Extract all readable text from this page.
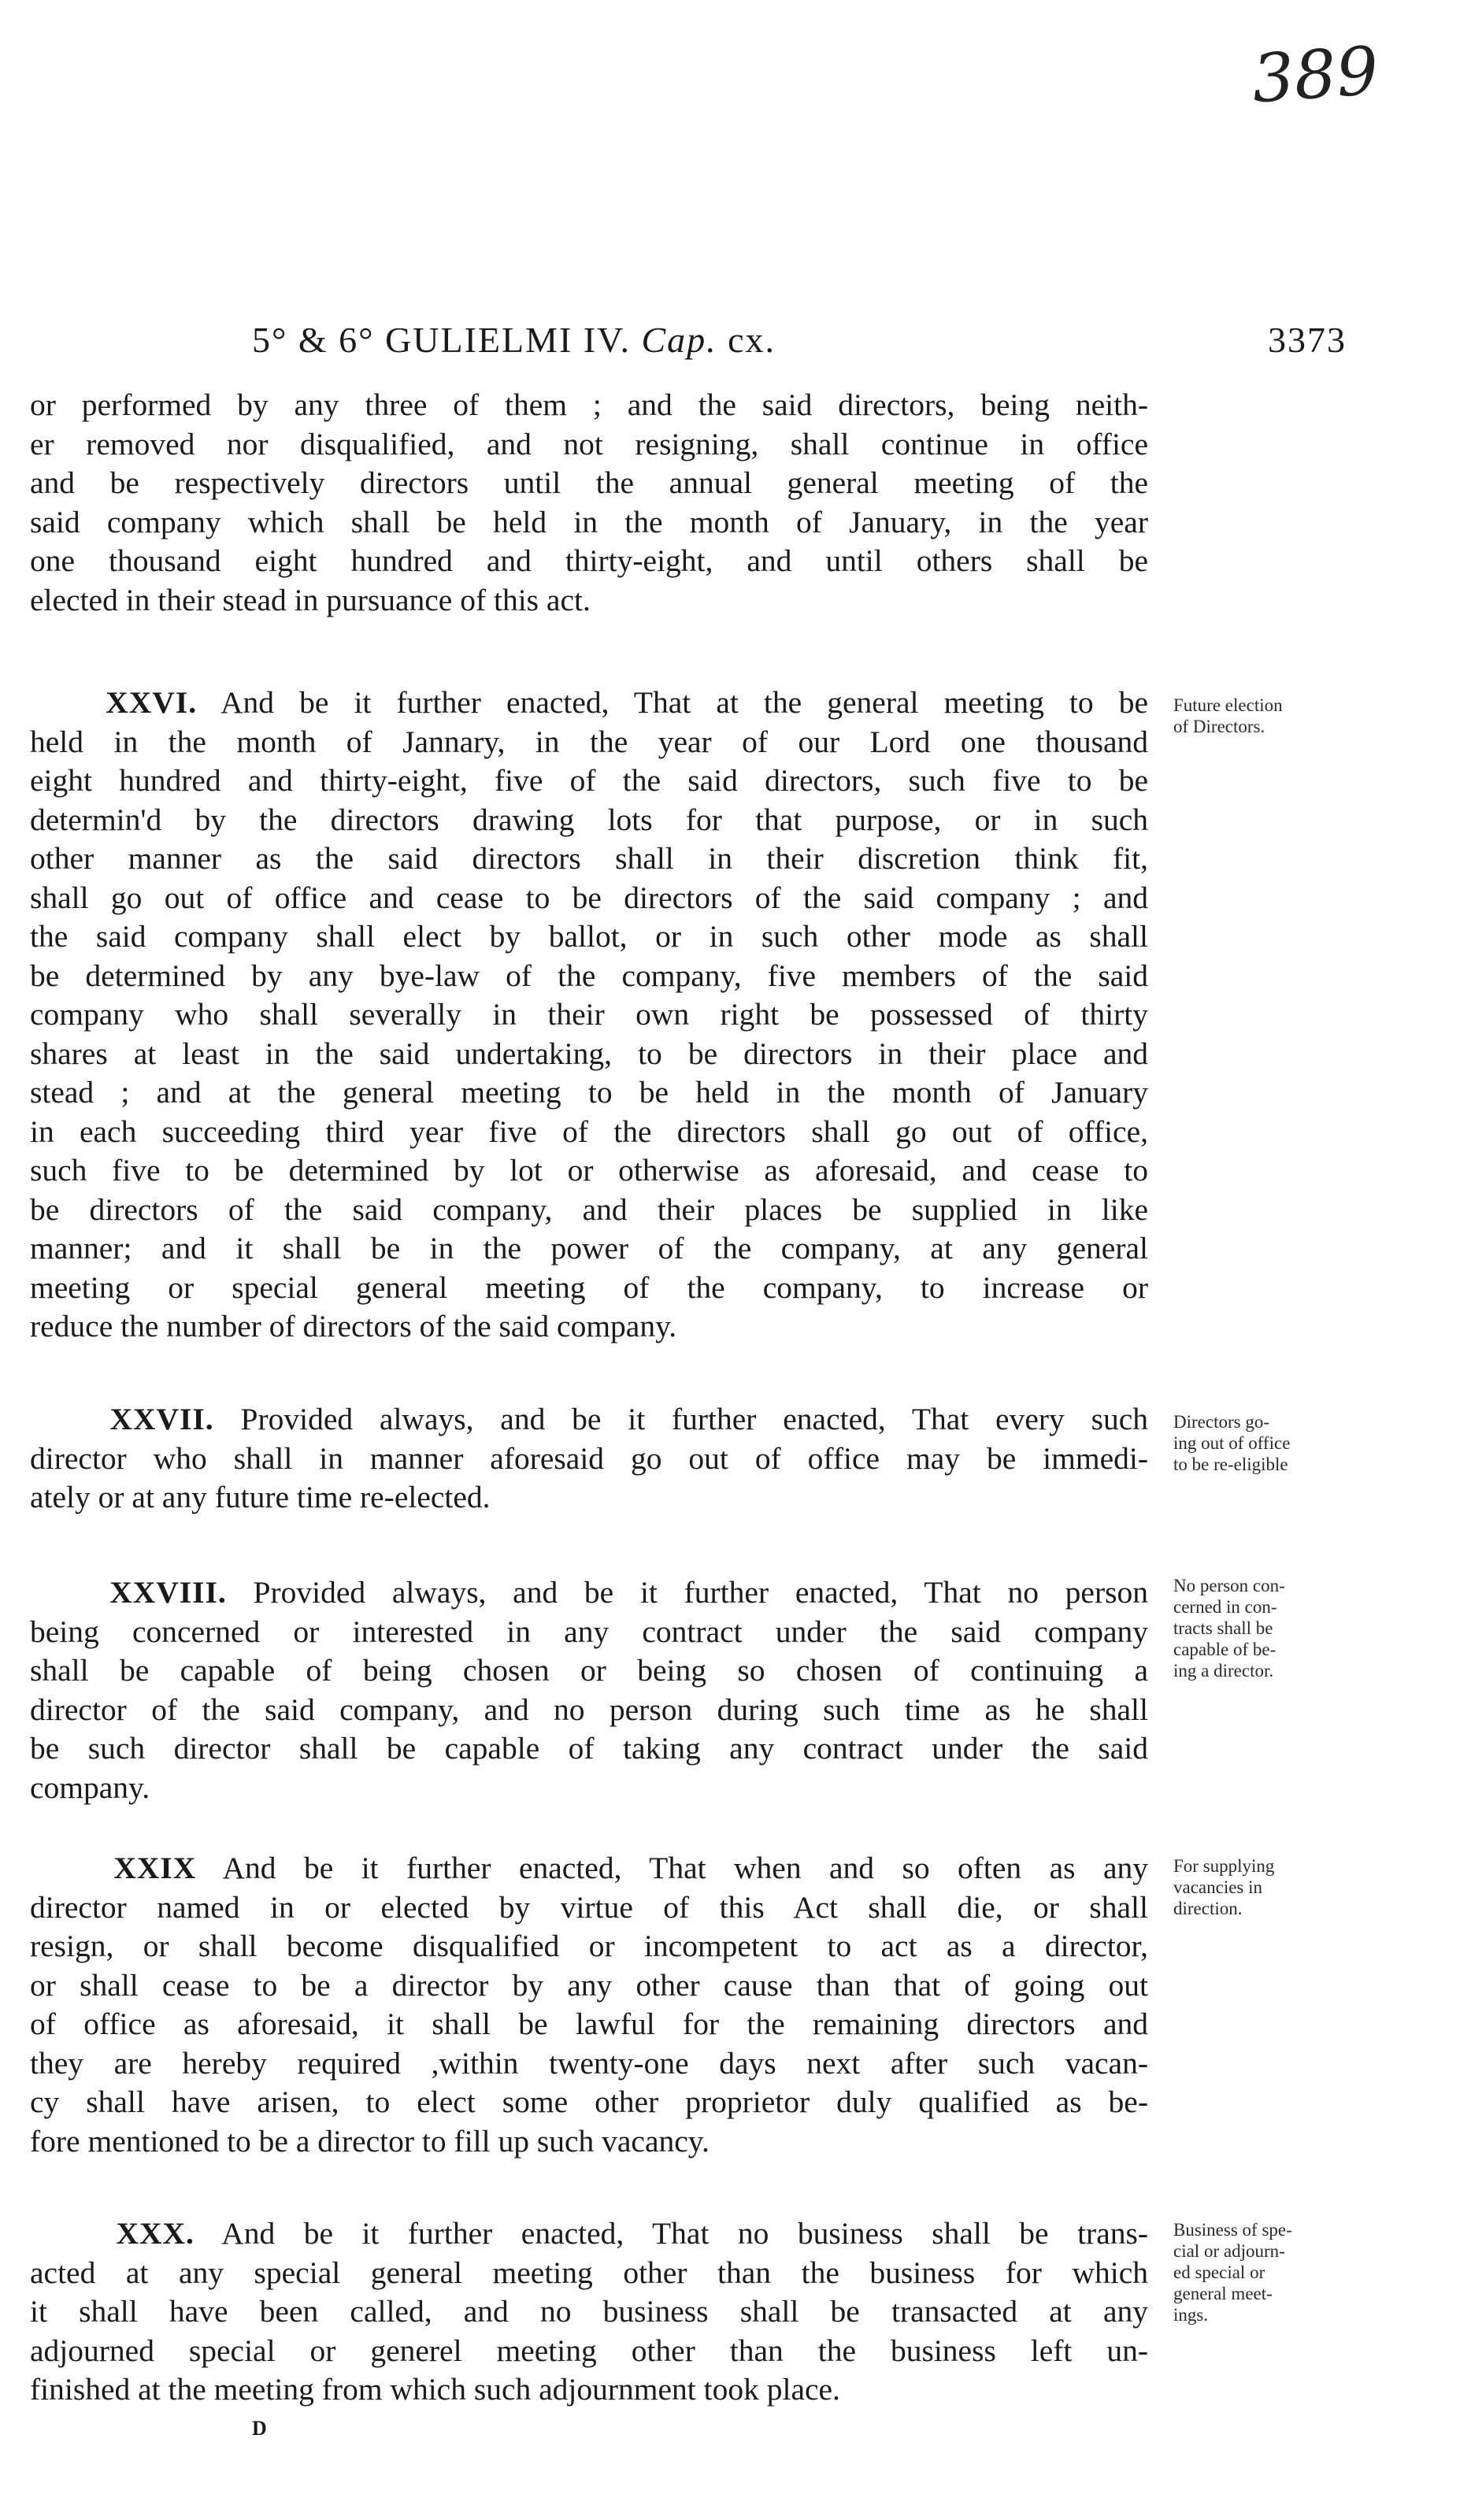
389
5° & 6° GULIELMI IV. Cap. cx.	3373
or performed by any three of them ; and the said directors, being neith-
er removed nor disqualified, and not resigning, shall continue in office
and be respectively directors until the annual general meeting of the
said company which shall be held in the month of January, in the year
one thousand eight hundred and thirty-eight, and until others shall be
elected in their stead in pursuance of this act.
XXVI. And be it further enacted, That at the general meeting to be
held in the month of Jannary, in the year of our Lord one thousand
eight hundred and thirty-eight, five of the said directors, such five to be
determin'd by the directors drawing lots for that purpose, or in such
other manner as the said directors shall in their discretion think fit,
shall go out of office and cease to be directors of the said company ; and
the said company shall elect by ballot, or in such other mode as shall
be determined by any bye-law of the company, five members of the said
company who shall severally in their own right be possessed of thirty
shares at least in the said undertaking, to be directors in their place and
stead ; and at the general meeting to be held in the month of January
in each succeeding third year five of the directors shall go out of office,
such five to be determined by lot or otherwise as aforesaid, and cease to
be directors of the said company, and their places be supplied in like
manner; and it shall be in the power of the company, at any general
meeting or special general meeting of the company, to increase or
reduce the number of directors of the said company.
Future election
of Directors.
XXVII. Provided always, and be it further enacted, That every such
director who shall in manner aforesaid go out of office may be immedi-
ately or at any future time re-elected.
Directors go-
ing out of office
to be re-eligible
XXVIII. Provided always, and be it further enacted, That no person
being concerned or interested in any contract under the said company
shall be capable of being chosen or being so chosen of continuing a
director of the said company, and no person during such time as he shall
be such director shall be capable of taking any contract under the said
company.
No person con-
cerned in con-
tracts shall be
capable of be-
ing a director.
XXIX And be it further enacted, That when and so often as any
director named in or elected by virtue of this Act shall die, or shall
resign, or shall become disqualified or incompetent to act as a director,
or shall cease to be a director by any other cause than that of going out
of office as aforesaid, it shall be lawful for the remaining directors and
they are hereby required ,within twenty-one days next after such vacan-
cy shall have arisen, to elect some other proprietor duly qualified as be-
fore mentioned to be a director to fill up such vacancy.
For supplying
vacancies in
direction.
XXX. And be it further enacted, That no business shall be trans-
acted at any special general meeting other than the business for which
it shall have been called, and no business shall be transacted at any
adjourned special or generel meeting other than the business left un-
finished at the meeting from which such adjournment took place.
Business of spe-
cial or adjourn-
ed special or
general meet-
ings.
D
